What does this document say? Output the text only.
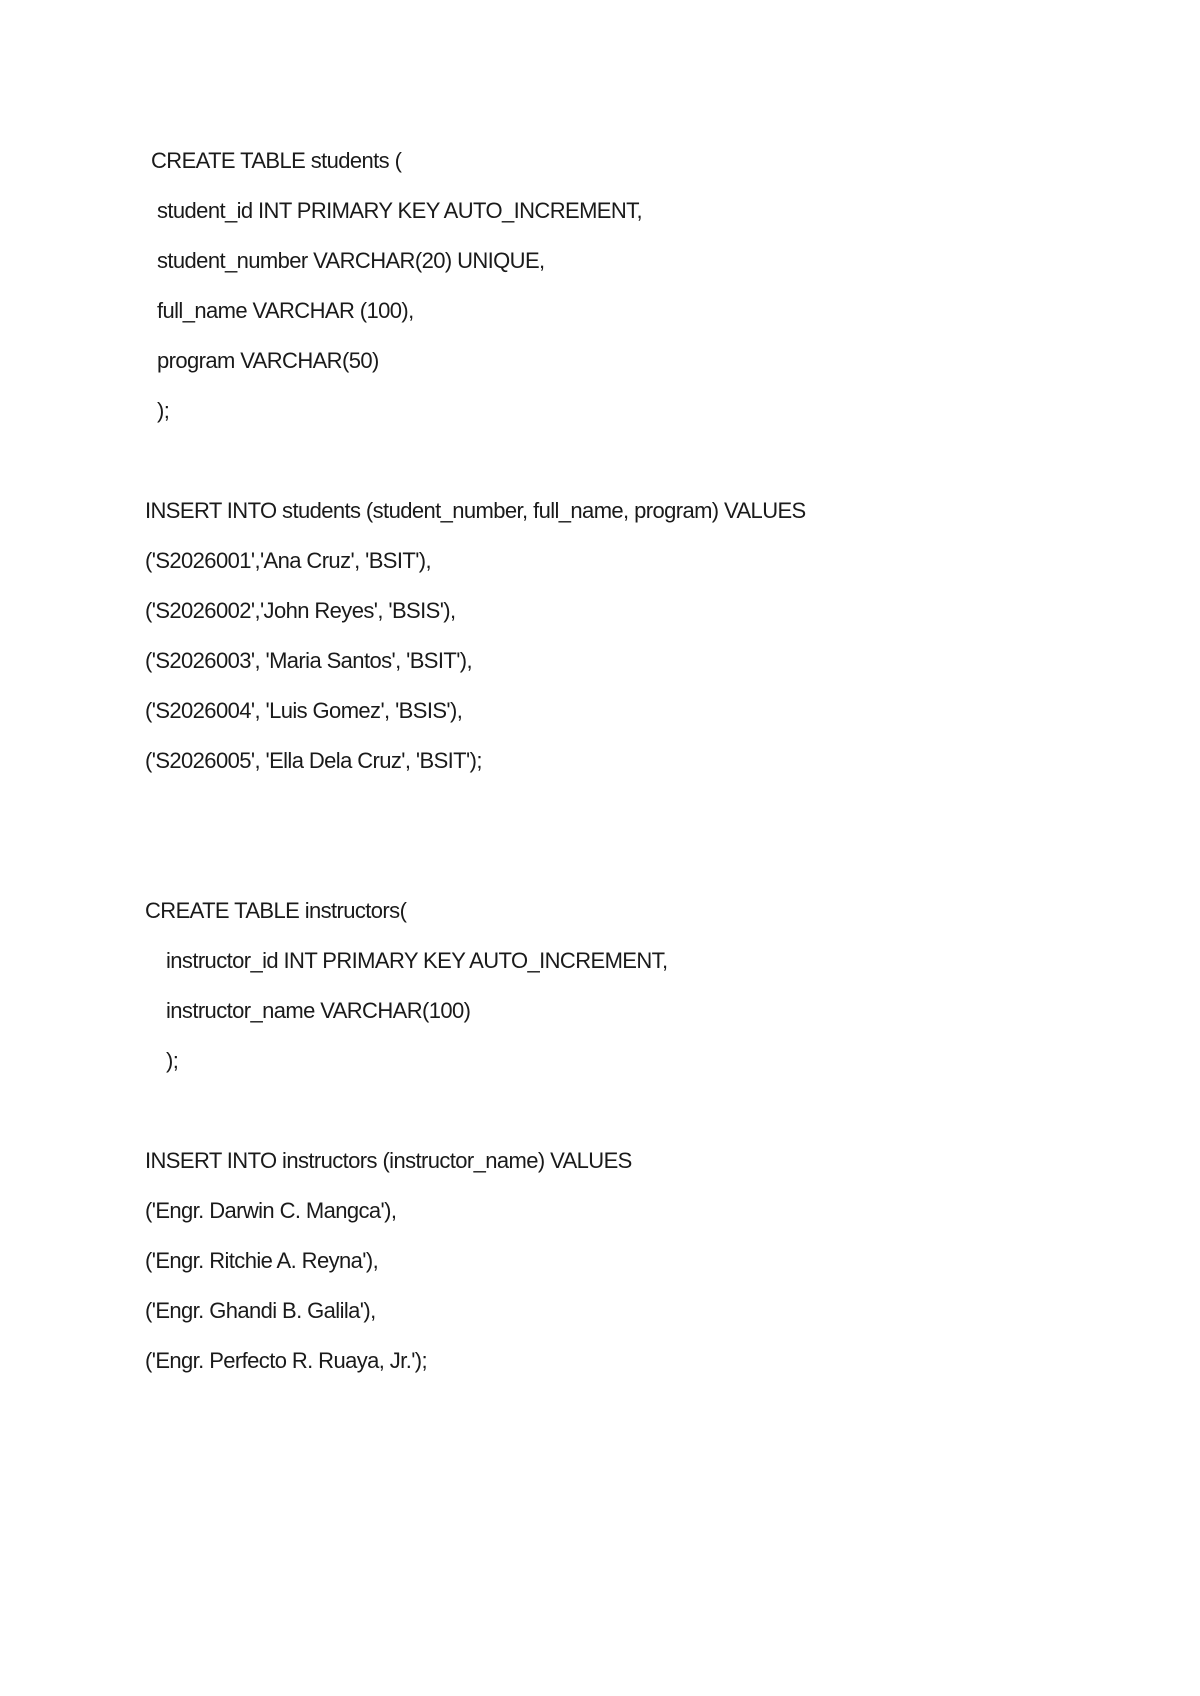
CREATE TABLE students (
student_id INT PRIMARY KEY AUTO_INCREMENT,
student_number VARCHAR(20) UNIQUE,
full_name VARCHAR (100),
program VARCHAR(50)
);
INSERT INTO students (student_number, full_name, program) VALUES
('S2026001','Ana Cruz', 'BSIT'),
('S2026002','John Reyes', 'BSIS'),
('S2026003', 'Maria Santos', 'BSIT'),
('S2026004', 'Luis Gomez', 'BSIS'),
('S2026005', 'Ella Dela Cruz', 'BSIT');
CREATE TABLE instructors(
instructor_id INT PRIMARY KEY AUTO_INCREMENT,
instructor_name VARCHAR(100)
);
INSERT INTO instructors (instructor_name) VALUES
('Engr. Darwin C. Mangca'),
('Engr. Ritchie A. Reyna'),
('Engr. Ghandi B. Galila'),
('Engr. Perfecto R. Ruaya, Jr.');
